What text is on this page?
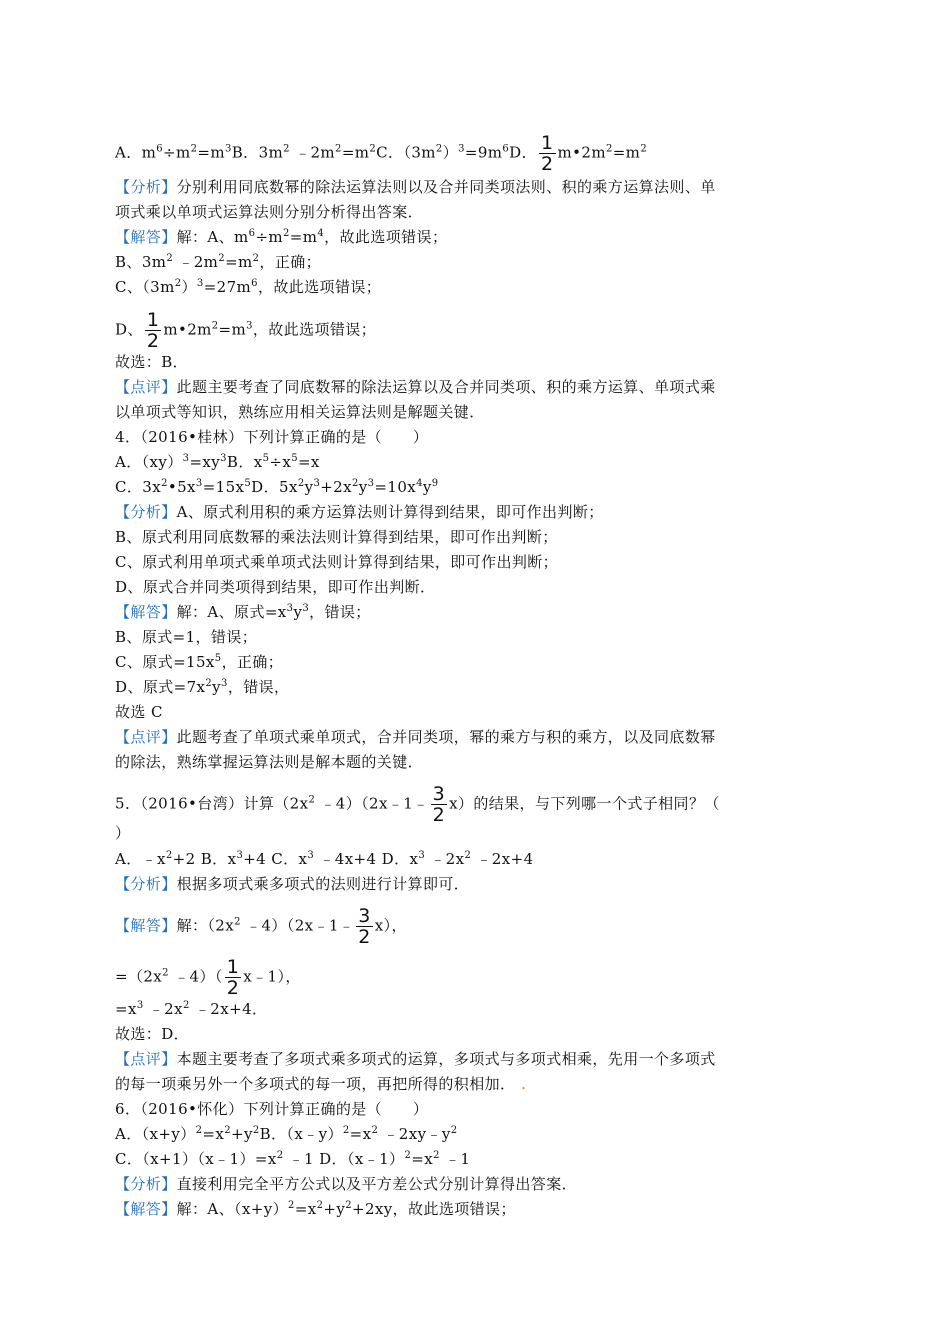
A．$m^6\div m^2=m^3B$．$3m^2$ $﹣2m^2=m^2C$．$(3m^2)^3=9m^6D$． $\frac{1}{2}$ $m•2m^2=m^2$
【分析】分别利用同底数幂的除法运算法则以及合并同类项法则、积的乘方运算法则、单
项式乘以单项式运算法则分别分析得出答案．
【解答】解：A、$m^6\div m^2=m^4$，故此选项错误；
B、$3m^2$ $﹣2m^2=m^2$，正确；
C、$(3m^2)^3=27m^6$，故此选项错误；
D、 $\frac{1}{2}$ $m•2m^2=m^3$，故此选项错误；
故选：B．
【点评】此题主要考查了同底数幂的除法运算以及合并同类项、积的乘方运算、单项式乘
以单项式等知识，熟练应用相关运算法则是解题关键．
4．（2016•桂林）下列计算正确的是（　　）
A．$(xy)^3=xy^3B$．$x^5\div x^5=x$
C．$3x^2•5x^3=15x^5D$．$5x^2y^3+2x^2y^3=10x^4y^9$
【分析】A、原式利用积的乘方运算法则计算得到结果，即可作出判断；
B、原式利用同底数幂的乘法法则计算得到结果，即可作出判断；
C、原式利用单项式乘单项式法则计算得到结果，即可作出判断；
D、原式合并同类项得到结果，即可作出判断．
【解答】解：A、原式$=x^3y^3$，错误；
B、原式=1，错误；
C、原式$=15x^5$，正确；
D、原式$=7x^2y^3$，错误，
故选 C
【点评】此题考查了单项式乘单项式，合并同类项，幂的乘方与积的乘方，以及同底数幂
的除法，熟练掌握运算法则是解本题的关键．
5．（2016•台湾）计算（$2x^2$ ﹣4）（2x﹣1﹣ $\frac{3}{2} x$）的结果，与下列哪一个式子相同？（
）
A．$﹣x^2+2$ B．$x^3+4$ C．$x^3$ ﹣4x+4 D．$x^3$ $﹣2x^2$ ﹣2x+4
【分析】根据多项式乘多项式的法则进行计算即可．
【解答】解：（$2x^2$ ﹣4）（2x﹣1﹣ $\frac{3}{2} x$），
$=(2x^2$ ﹣4）（ $\frac{1}{2}$ x﹣1），
$=x^3$ $﹣2x^2$ ﹣2x+4．
故选：D．
【点评】本题主要考查了多项式乘多项式的运算，多项式与多项式相乘，先用一个多项式
的每一项乘另外一个多项式的每一项，再把所得的积相加． .
6．（2016•怀化）下列计算正确的是（　　）
A．$(x+y)^2=x^2+y^2B$．$(x﹣y)^2=x^2$ $﹣2xy﹣y^2$
C．$(x+1)(x﹣1)=x^2$ ﹣1 D．$(x﹣1)^2=x^2$ ﹣1
【分析】直接利用完全平方公式以及平方差公式分别计算得出答案．
【解答】解：A、$(x+y)^2=x^2+y^2+2xy$，故此选项错误；
